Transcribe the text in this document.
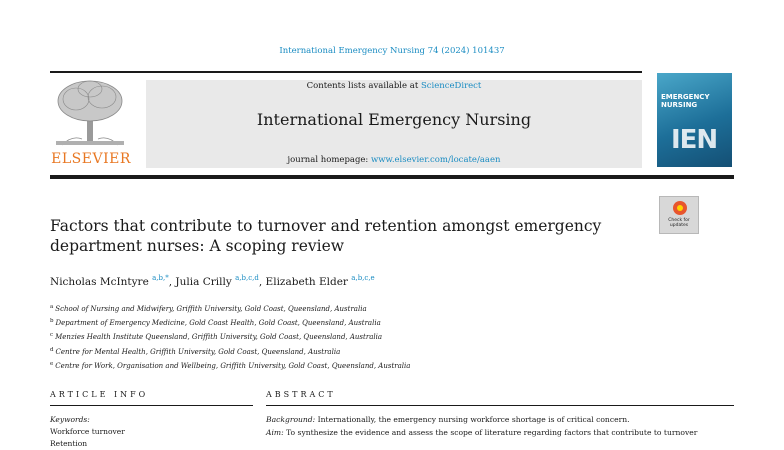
International Emergency Nursing 74 (2024) 101437
ELSEVIER
Contents lists available at ScienceDirect
International Emergency Nursing
journal homepage: www.elsevier.com/locate/aaen
EMERGENCY NURSING
IEN
Factors that contribute to turnover and retention amongst emergency department nurses: A scoping review
Check for updates
Nicholas McIntyre $^{a,b,*}$, Julia Crilly $^{a,b,c,d}$, Elizabeth Elder $^{a,b,c,e}$
$^a$ School of Nursing and Midwifery, Griffith University, Gold Coast, Queensland, Australia
$^b$ Department of Emergency Medicine, Gold Coast Health, Gold Coast, Queensland, Australia
$^c$ Menzies Health Institute Queensland, Griffith University, Gold Coast, Queensland, Australia
$^d$ Centre for Mental Health, Griffith University, Gold Coast, Queensland, Australia
$^e$ Centre for Work, Organisation and Wellbeing, Griffith University, Gold Coast, Queensland, Australia
ARTICLE INFO	ABSTRACT
Keywords:
Workforce turnover
Retention
Background: Internationally, the emergency nursing workforce shortage is of critical concern.
Aim: To synthesize the evidence and assess the scope of literature regarding factors that contribute to turnover
